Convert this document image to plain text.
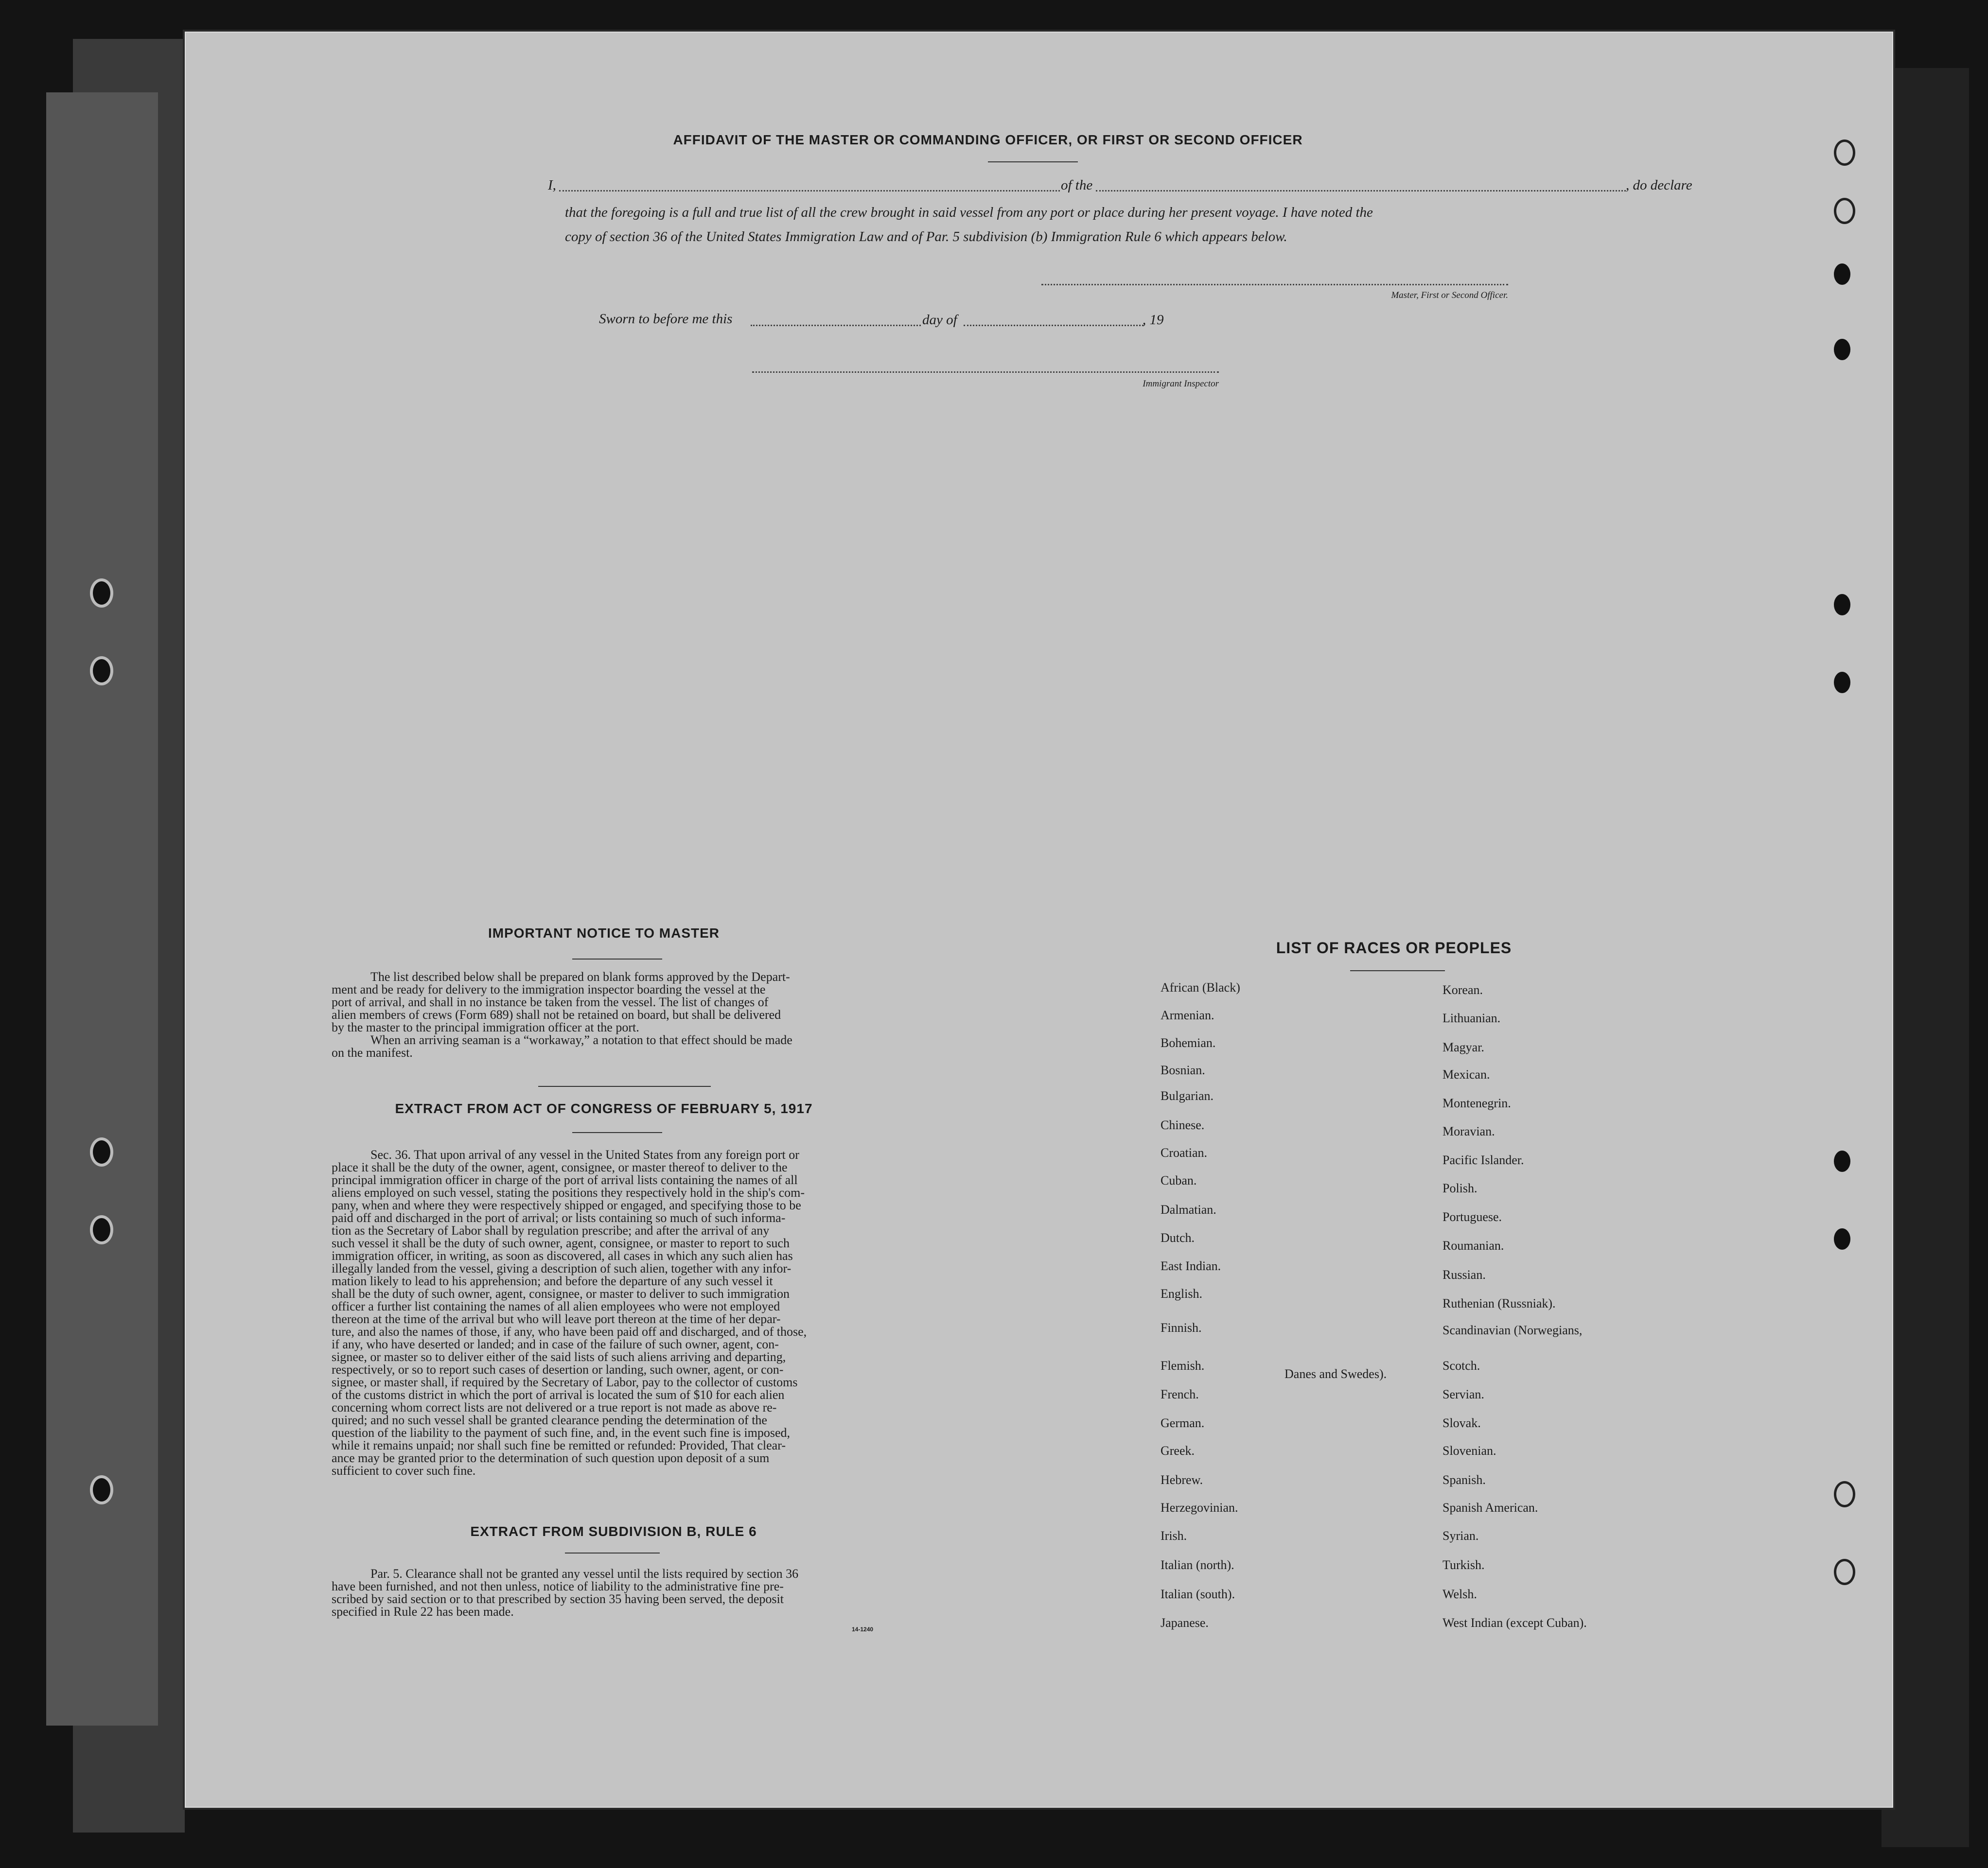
AFFIDAVIT OF THE MASTER OR COMMANDING OFFICER, OR FIRST OR SECOND OFFICER
I,	of the	, do declare
that the foregoing is a full and true list of all the crew brought in said vessel from any port or place during her present voyage. I have noted the
copy of section 36 of the United States Immigration Law and of Par. 5 subdivision (b) Immigration Rule 6 which appears below.
Master, First or Second Officer.
Sworn to before me this	day of	, 19
Immigrant Inspector
IMPORTANT NOTICE TO MASTER
The list described below shall be prepared on blank forms approved by the Depart-
ment and be ready for delivery to the immigration inspector boarding the vessel at the
port of arrival, and shall in no instance be taken from the vessel. The list of changes of
alien members of crews (Form 689) shall not be retained on board, but shall be delivered
by the master to the principal immigration officer at the port.
When an arriving seaman is a “workaway,” a notation to that effect should be made
on the manifest.
EXTRACT FROM ACT OF CONGRESS OF FEBRUARY 5, 1917
Sec. 36. That upon arrival of any vessel in the United States from any foreign port or
place it shall be the duty of the owner, agent, consignee, or master thereof to deliver to the
principal immigration officer in charge of the port of arrival lists containing the names of all
aliens employed on such vessel, stating the positions they respectively hold in the ship's com-
pany, when and where they were respectively shipped or engaged, and specifying those to be
paid off and discharged in the port of arrival; or lists containing so much of such informa-
tion as the Secretary of Labor shall by regulation prescribe; and after the arrival of any
such vessel it shall be the duty of such owner, agent, consignee, or master to report to such
immigration officer, in writing, as soon as discovered, all cases in which any such alien has
illegally landed from the vessel, giving a description of such alien, together with any infor-
mation likely to lead to his apprehension; and before the departure of any such vessel it
shall be the duty of such owner, agent, consignee, or master to deliver to such immigration
officer a further list containing the names of all alien employees who were not employed
thereon at the time of the arrival but who will leave port thereon at the time of her depar-
ture, and also the names of those, if any, who have been paid off and discharged, and of those,
if any, who have deserted or landed; and in case of the failure of such owner, agent, con-
signee, or master so to deliver either of the said lists of such aliens arriving and departing,
respectively, or so to report such cases of desertion or landing, such owner, agent, or con-
signee, or master shall, if required by the Secretary of Labor, pay to the collector of customs
of the customs district in which the port of arrival is located the sum of $10 for each alien
concerning whom correct lists are not delivered or a true report is not made as above re-
quired; and no such vessel shall be granted clearance pending the determination of the
question of the liability to the payment of such fine, and, in the event such fine is imposed,
while it remains unpaid; nor shall such fine be remitted or refunded: Provided, That clear-
ance may be granted prior to the determination of such question upon deposit of a sum
sufficient to cover such fine.
EXTRACT FROM SUBDIVISION B, RULE 6
Par. 5. Clearance shall not be granted any vessel until the lists required by section 36
have been furnished, and not then unless, notice of liability to the administrative fine pre-
scribed by said section or to that prescribed by section 35 having been served, the deposit
specified in Rule 22 has been made.
14-1240
LIST OF RACES OR PEOPLES
African (Black)
Armenian.
Bohemian.
Bosnian.
Bulgarian.
Chinese.
Croatian.
Cuban.
Dalmatian.
Dutch.
East Indian.
English.
Finnish.
Flemish.
French.
German.
Greek.
Hebrew.
Herzegovinian.
Irish.
Italian (north).
Italian (south).
Japanese.
Korean.
Lithuanian.
Magyar.
Mexican.
Montenegrin.
Moravian.
Pacific Islander.
Polish.
Portuguese.
Roumanian.
Russian.
Ruthenian (Russniak).
Scandinavian (Norwegians,
Scotch.
Servian.
Slovak.
Slovenian.
Spanish.
Spanish American.
Syrian.
Turkish.
Welsh.
West Indian (except Cuban).
Danes and Swedes).
